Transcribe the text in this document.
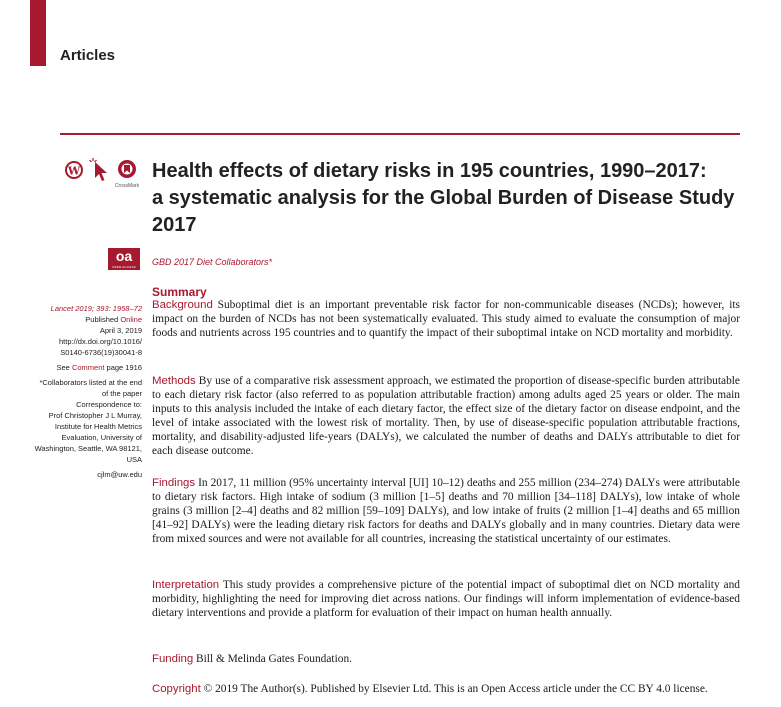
Articles
W
CrossMark
oa
OPEN ACCESS
Health effects of dietary risks in 195 countries, 1990–2017:
a systematic analysis for the Global Burden of Disease Study
2017
GBD 2017 Diet Collaborators*
Summary

Lancet 2019; 393: 1958–72
Published Online
April 3, 2019
http://dx.doi.org/10.1016/
S0140-6736(19)30041-8

See Comment page 1916

*Collaborators listed at the end
of the paper
Correspondence to:
Prof Christopher J L Murray,
Institute for Health Metrics
Evaluation, University of
Washington, Seattle, WA 98121,
USA

cjlm@uw.edu

Background Suboptimal diet is an important preventable risk factor for non-communicable diseases (NCDs); however, its impact on the burden of NCDs has not been systematically evaluated. This study aimed to evaluate the consumption of major foods and nutrients across 195 countries and to quantify the impact of their suboptimal intake on NCD mortality and morbidity.

Methods By use of a comparative risk assessment approach, we estimated the proportion of disease-specific burden attributable to each dietary risk factor (also referred to as population attributable fraction) among adults aged 25 years or older. The main inputs to this analysis included the intake of each dietary factor, the effect size of the dietary factor on disease endpoint, and the level of intake associated with the lowest risk of mortality. Then, by use of disease-specific population attributable fractions, mortality, and disability-adjusted life-years (DALYs), we calculated the number of deaths and DALYs attributable to diet for each disease outcome.

Findings In 2017, 11 million (95% uncertainty interval [UI] 10–12) deaths and 255 million (234–274) DALYs were attributable to dietary risk factors. High intake of sodium (3 million [1–5] deaths and 70 million [34–118] DALYs), low intake of whole grains (3 million [2–4] deaths and 82 million [59–109] DALYs), and low intake of fruits (2 million [1–4] deaths and 65 million [41–92] DALYs) were the leading dietary risk factors for deaths and DALYs globally and in many countries. Dietary data were from mixed sources and were not available for all countries, increasing the statistical uncertainty of our estimates.

Interpretation This study provides a comprehensive picture of the potential impact of suboptimal diet on NCD mortality and morbidity, highlighting the need for improving diet across nations. Our findings will inform implementation of evidence-based dietary interventions and provide a platform for evaluation of their impact on human health annually.

Funding Bill & Melinda Gates Foundation.

Copyright © 2019 The Author(s). Published by Elsevier Ltd. This is an Open Access article under the CC BY 4.0 license.
